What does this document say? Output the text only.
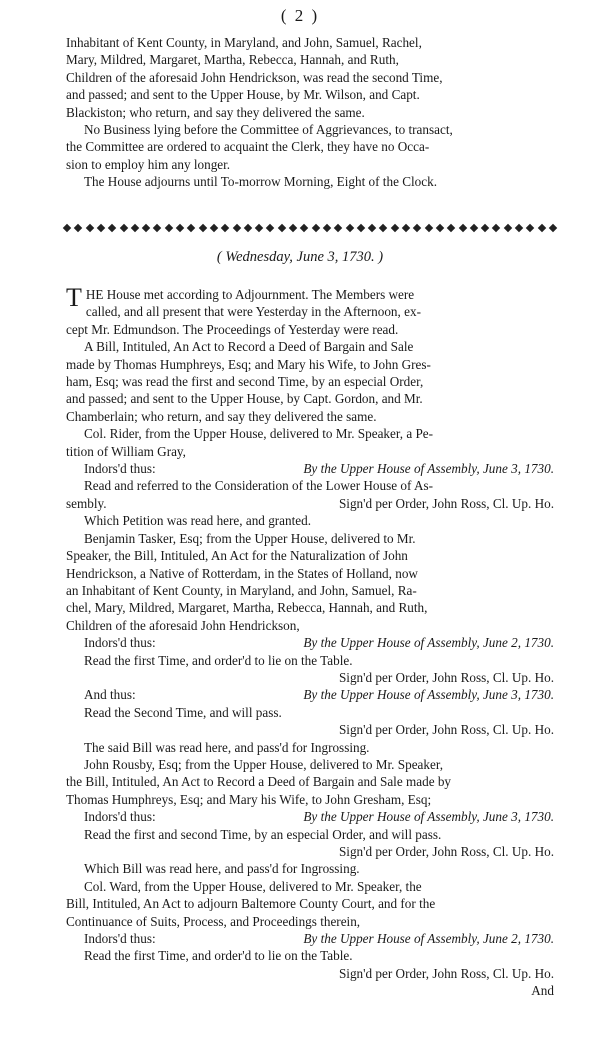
( 2 )

Inhabitant of Kent County, in Maryland, and John, Samuel, Rachel,

Mary, Mildred, Margaret, Martha, Rebecca, Hannah, and Ruth,

Children of the aforesaid John Hendrickson, was read the second Time,

and passed; and sent to the Upper House, by Mr. Wilson, and Capt.

Blackiston; who return, and say they delivered the same.

No Business lying before the Committee of Aggrievances, to transact,

the Committee are ordered to acquaint the Clerk, they have no Occa-

sion to employ him any longer.

The House adjourns until To-morrow Morning, Eight of the Clock.

( Wednesday, June 3, 1730. )

THE House met according to Adjournment. The Members were

called, and all present that were Yesterday in the Afternoon, ex-

cept Mr. Edmundson. The Proceedings of Yesterday were read.

A Bill, Intituled, An Act to Record a Deed of Bargain and Sale

made by Thomas Humphreys, Esq; and Mary his Wife, to John Gres-

ham, Esq; was read the first and second Time, by an especial Order,

and passed; and sent to the Upper House, by Capt. Gordon, and Mr.

Chamberlain; who return, and say they delivered the same.

Col. Rider, from the Upper House, delivered to Mr. Speaker, a Pe-

tition of William Gray,

Indors'd thus:	By the Upper House of Assembly, June 3, 1730.

Read and referred to the Consideration of the Lower House of As-

sembly.	Sign'd per Order, John Ross, Cl. Up. Ho.

Which Petition was read here, and granted.

Benjamin Tasker, Esq; from the Upper House, delivered to Mr.

Speaker, the Bill, Intituled, An Act for the Naturalization of John

Hendrickson, a Native of Rotterdam, in the States of Holland, now

an Inhabitant of Kent County, in Maryland, and John, Samuel, Ra-

chel, Mary, Mildred, Margaret, Martha, Rebecca, Hannah, and Ruth,

Children of the aforesaid John Hendrickson,

Indors'd thus:	By the Upper House of Assembly, June 2, 1730.

Read the first Time, and order'd to lie on the Table.

Sign'd per Order, John Ross, Cl. Up. Ho.

And thus:	By the Upper House of Assembly, June 3, 1730.

Read the Second Time, and will pass.

Sign'd per Order, John Ross, Cl. Up. Ho.

The said Bill was read here, and pass'd for Ingrossing.

John Rousby, Esq; from the Upper House, delivered to Mr. Speaker,

the Bill, Intituled, An Act to Record a Deed of Bargain and Sale made by

Thomas Humphreys, Esq; and Mary his Wife, to John Gresham, Esq;

Indors'd thus:	By the Upper House of Assembly, June 3, 1730.

Read the first and second Time, by an especial Order, and will pass.

Sign'd per Order, John Ross, Cl. Up. Ho.

Which Bill was read here, and pass'd for Ingrossing.

Col. Ward, from the Upper House, delivered to Mr. Speaker, the

Bill, Intituled, An Act to adjourn Baltemore County Court, and for the

Continuance of Suits, Process, and Proceedings therein,

Indors'd thus:	By the Upper House of Assembly, June 2, 1730.

Read the first Time, and order'd to lie on the Table.

Sign'd per Order, John Ross, Cl. Up. Ho.

And
